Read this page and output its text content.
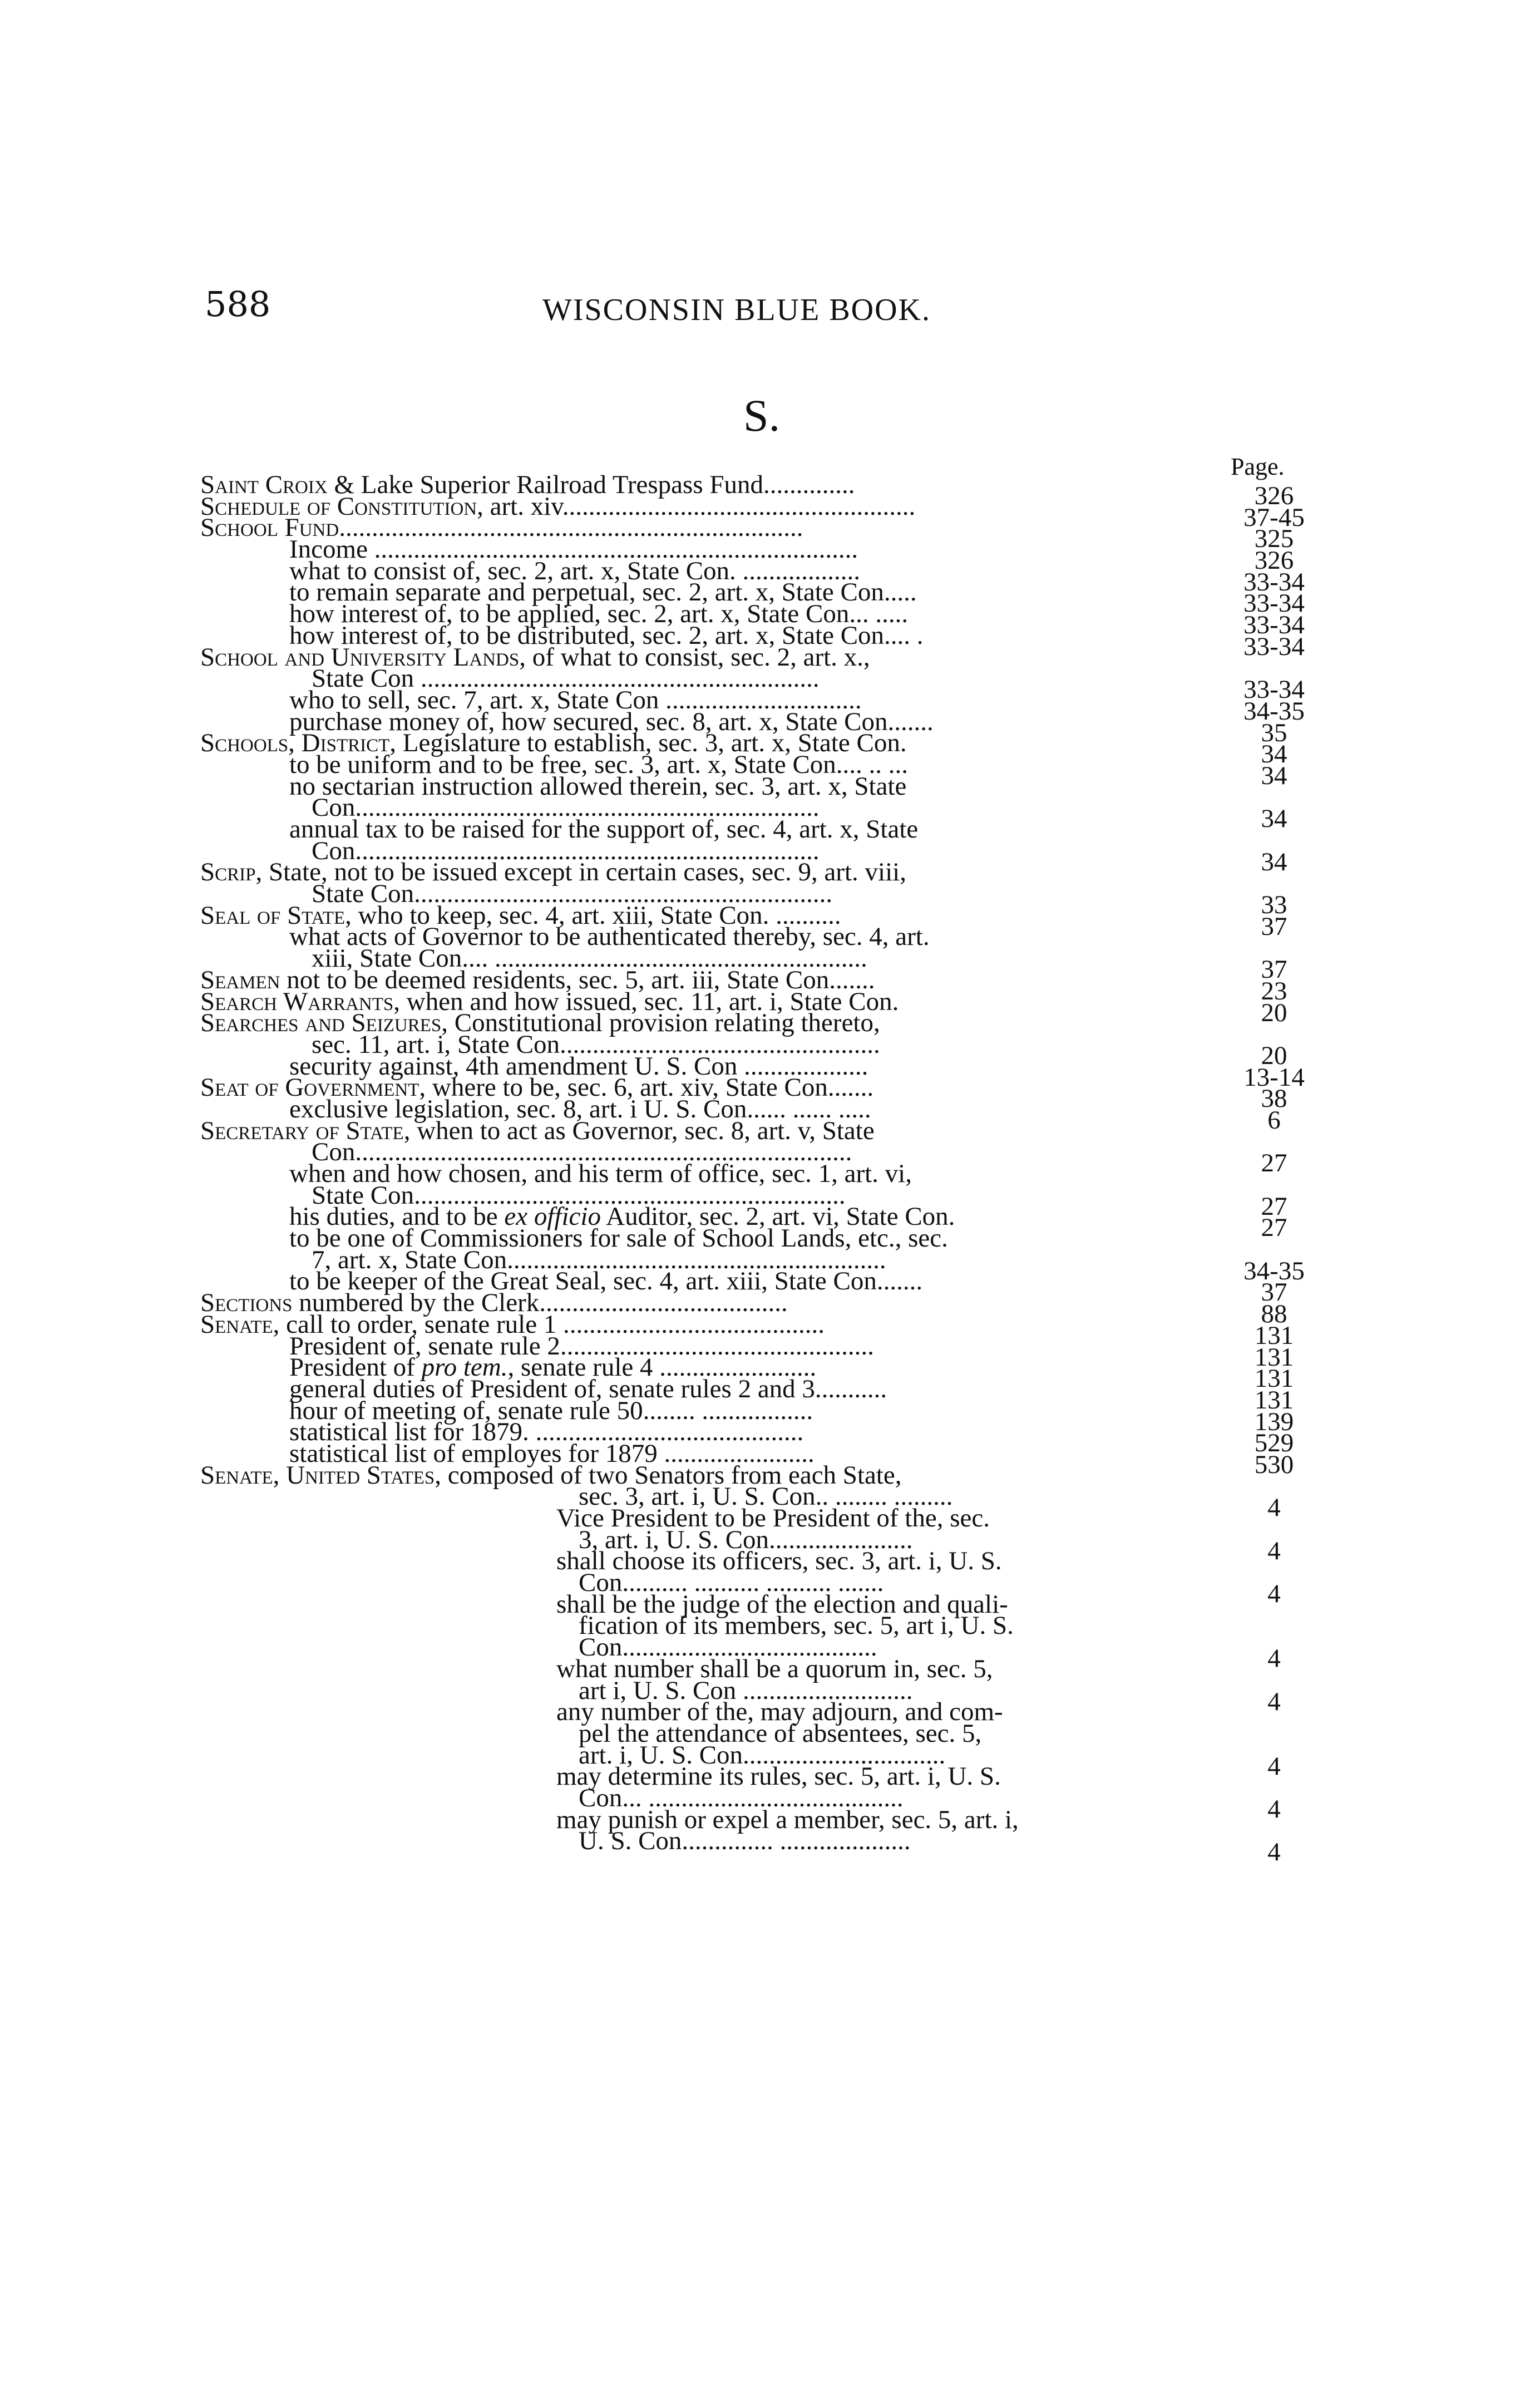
588	WISCONSIN BLUE BOOK.
S.
Page.
Saint Croix & Lake Superior Railroad Trespass Fund..............	326
Schedule of Constitution, art. xiv......................................................	37-45
School Fund.......................................................................	325
Income ..........................................................................	326
what to consist of, sec. 2, art. x, State Con. ..................	33-34
to remain separate and perpetual, sec. 2, art. x, State Con.....	33-34
how interest of, to be applied, sec. 2, art. x, State Con... .....	33-34
how interest of, to be distributed, sec. 2, art. x, State Con.... .	33-34
School and University Lands, of what to consist, sec. 2, art. x.,
State Con .............................................................	33-34
who to sell, sec. 7, art. x, State Con ..............................	34-35
purchase money of, how secured, sec. 8, art. x, State Con.......	35
Schools, District, Legislature to establish, sec. 3, art. x, State Con.	34
to be uniform and to be free, sec. 3, art. x, State Con.... .. ...	34
no sectarian instruction allowed therein, sec. 3, art. x, State
Con.......................................................................	34
annual tax to be raised for the support of, sec. 4, art. x, State
Con.......................................................................	34
Scrip, State, not to be issued except in certain cases, sec. 9, art. viii,
State Con................................................................	33
Seal of State, who to keep, sec. 4, art. xiii, State Con. ..........	37
what acts of Governor to be authenticated thereby, sec. 4, art.
xiii, State Con.... .........................................................	37
Seamen not to be deemed residents, sec. 5, art. iii, State Con.......	23
Search Warrants, when and how issued, sec. 11, art. i, State Con.	20
Searches and Seizures, Constitutional provision relating thereto,
sec. 11, art. i, State Con.................................................	20
security against, 4th amendment U. S. Con ...................	13-14
Seat of Government, where to be, sec. 6, art. xiv, State Con.......	38
exclusive legislation, sec. 8, art. i U. S. Con...... ...... .....	6
Secretary of State, when to act as Governor, sec. 8, art. v, State
Con............................................................................	27
when and how chosen, and his term of office, sec. 1, art. vi,
State Con..................................................................	27
his duties, and to be ex officio Auditor, sec. 2, art. vi, State Con.	27
to be one of Commissioners for sale of School Lands, etc., sec.
7, art. x, State Con..........................................................	34-35
to be keeper of the Great Seal, sec. 4, art. xiii, State Con.......	37
Sections numbered by the Clerk......................................	88
Senate, call to order, senate rule 1 ........................................	131
President of, senate rule 2................................................	131
President of pro tem., senate rule 4 ........................	131
general duties of President of, senate rules 2 and 3...........	131
hour of meeting of, senate rule 50........ .................	139
statistical list for 1879. .........................................	529
statistical list of employes for 1879 .......................	530
Senate, United States, composed of two Senators from each State,
sec. 3, art. i, U. S. Con.. ........ .........	4
Vice President to be President of the, sec.
3, art. i, U. S. Con......................	4
shall choose its officers, sec. 3, art. i, U. S.
Con.......... .......... .......... .......	4
shall be the judge of the election and quali-
fication of its members, sec. 5, art i, U. S.
Con.......................................	4
what number shall be a quorum in, sec. 5,
art i, U. S. Con ..........................	4
any number of the, may adjourn, and com-
pel the attendance of absentees, sec. 5,
art. i, U. S. Con...............................	4
may determine its rules, sec. 5, art. i, U. S.
Con... .......................................	4
may punish or expel a member, sec. 5, art. i,
U. S. Con.............. ....................	4
